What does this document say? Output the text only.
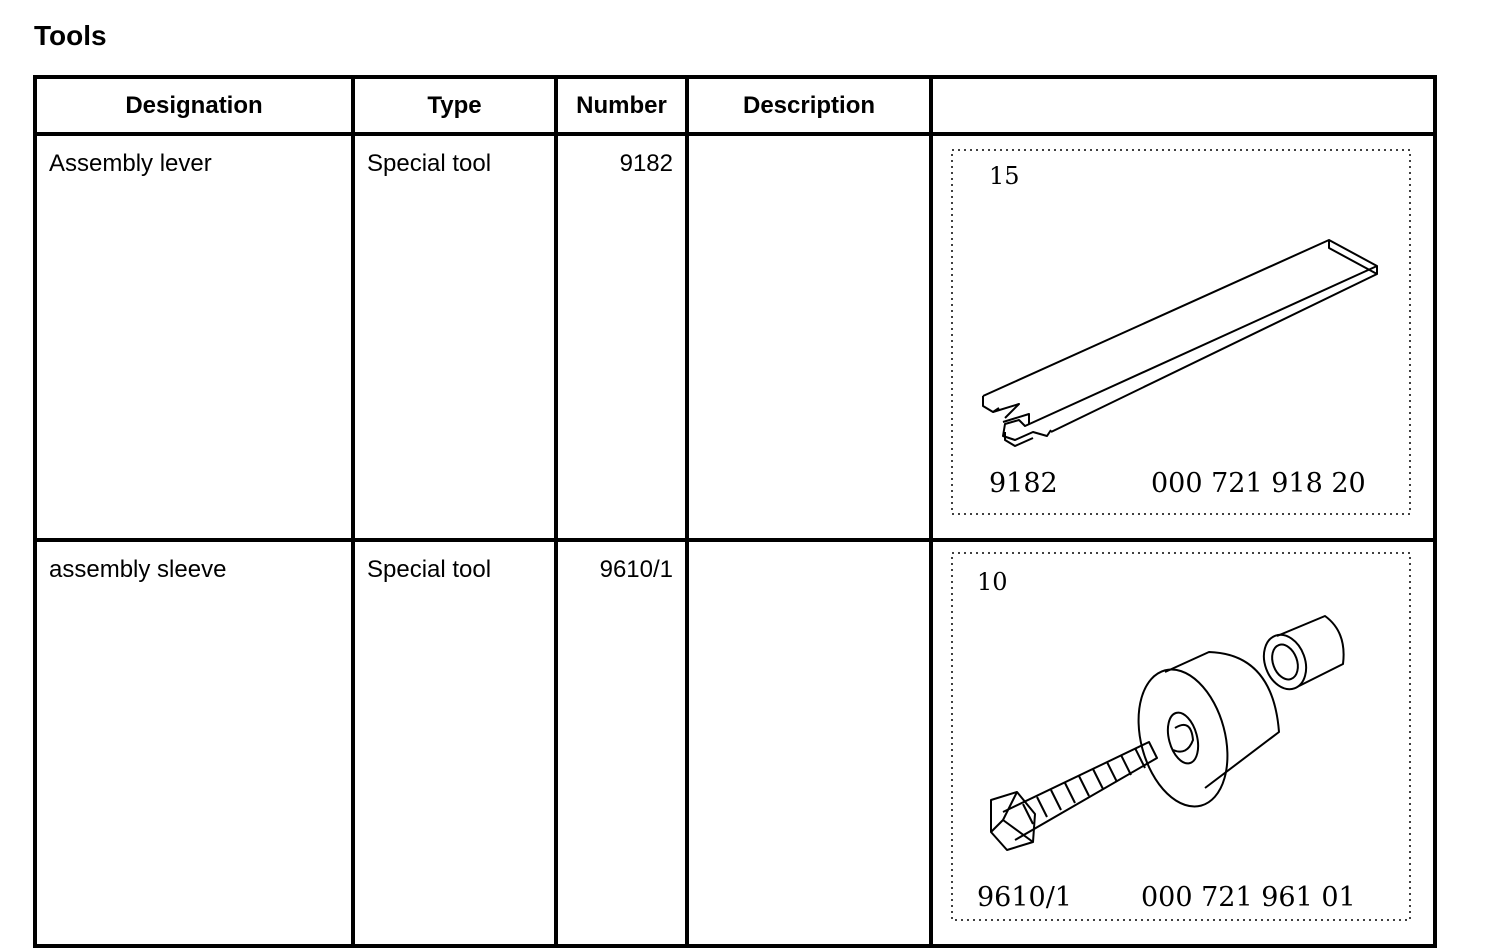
Tools
Designation	Type	Number	Description	
Assembly lever	Special tool	9182		15
9182 000 721 918 20

assembly sleeve	Special tool	9610/1		10
9610/1 000 721 961 01
